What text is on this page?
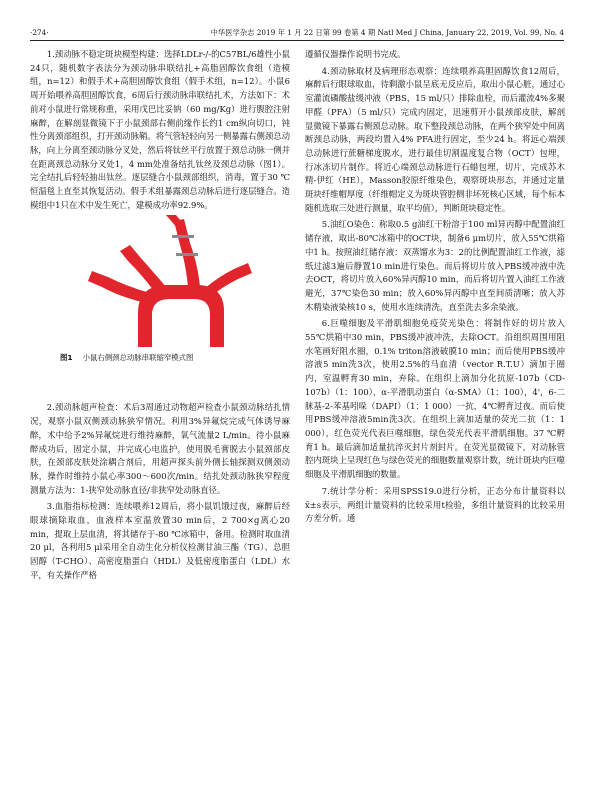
·274·	中华医学杂志 2019 年 1 月 22 日第 99 卷第 4 期 Natl Med J China, January 22, 2019, Vol. 99, No. 4

1.颈动脉不稳定斑块模型构建：选择LDLr-/-的C57BL/6雄性小鼠24只，随机数字表法分为颈动脉串联结扎+高脂固醇饮食组（造模组，n=12）和假手术+高胆固醇饮食组（假手术组，n=12）。小鼠6周开始喂养高胆固醇饮食，6周后行颈动脉串联结扎术，方法如下：术前对小鼠进行常规称重，采用戊巴比妥钠（60 mg/Kg）进行腹腔注射麻醉，在解剖显微镜下于小鼠颈部右侧前缘作长约1 cm纵向切口，钝性分离颈部组织，打开颈动脉鞘。将气管轻轻向另一侧暴露右侧颈总动脉，向上分离至颈动脉分叉处，然后将钛丝平行放置于颈总动脉一侧并在距离颈总动脉分叉处1，4 mm处准备结扎钛丝及颈总动脉（图1）。完全结扎后轻轻抽出钛丝。逐层缝合小鼠颈部组织，消毒，置于30 ℃恒温毯上直至其恢复活动。假手术组暴露颈总动脉后进行逐层缝合。造模组中1只在术中发生死亡，建模成功率92.9%。

图1 小鼠右侧颈总动脉串联缩窄模式图

2.颈动脉超声检查：术后3周通过动物超声检查小鼠颈动脉结扎情况，观察小鼠双侧颈动脉狭窄情况。利用3%异氟烷完成气体诱导麻醉，术中给予2%异氟烷进行维持麻醉，氧气流量2 L/min。待小鼠麻醉成功后，固定小鼠，并完成心电监护，使用脱毛膏脱去小鼠颈部皮肤，在颈部皮肤处涂耦合剂后，用超声探头前外侧长轴探测双侧颈动脉，操作时维持小鼠心率300～600次/min。结扎处颈动脉狭窄程度测量方法为：1-狭窄处动脉直径/非狭窄处动脉直径。

3.血脂指标检测：连续喂养12周后，将小鼠饥饿过夜，麻醉后经眼球摘除取血，血液样本室温放置30 min后，2 700×g离心20 min，提取上层血清，将其储存于-80 ℃冰箱中，备用。检测时取血清20 μl，各利用5 μl采用全自动生化分析仪检测甘油三酯（TG）、总胆固醇（T-CHO）、高密度脂蛋白（HDL）及低密度脂蛋白（LDL）水平，有关操作严格

遵循仪器操作说明书完成。

4.颈动脉取材及病理形态观察：连续喂养高胆固醇饮食12周后，麻醉后行眼球取血，待剩激小鼠呈底无反应后，取出小鼠心脏，通过心室灌流磷酸盐缓冲液（PBS，15 ml/只）排除血栓，而后灌流4%多聚甲醛（PFA）（5 ml/只）完成内固定，迅速剪开小鼠颈部皮肤，解剖显微镜下暴露右侧颈总动脉。取下整段颈总动脉，在两个狭窄处中间离断颈总动脉，两段均置入4% PFA进行固定，至少24 h。将远心端颈总动脉进行蔗糖梯度脱水，进行最佳切割温度复合物（OCT）包埋，行冰冻切片制作。将近心端颈总动脉进行石蜡包埋，切片，完成苏木精-伊红（HE），Masson胶原纤维染色，观察斑块形态，并通过定量斑块纤维帽厚度（纤维帽定义为斑块管腔侧非坏死核心区域，每个标本随机选取三处进行测量，取平均值），判断斑块稳定性。

5.油红O染色：称取0.5 g油红干粉溶于100 ml异丙醇中配置油红储存液，取出-80℃冰箱中的OCT块，制备6 μm切片，放入55℃烘箱中1 h。按照油红储存液：双蒸馏水为3：2的比例配置油红工作液，滤纸过滤3遍后静置10 min进行染色。而后将切片放入PBS缓冲液中洗去OCT，将切片放入60%异丙醇10 min，而后将切片置入油红工作液避光，37℃染色30 min；放入60%异丙醇中直至间质清晰；放入苏木精染液染核10 s，使用水连续清洗，直至洗去多余染液。

6.巨噬细胞及平滑肌细胞免疫荧光染色：将制作好的切片放入55℃烘箱中30 min，PBS缓冲液冲洗，去除OCT。沿组织周围用阻水笔画好阻水圈，0.1% triton溶液破膜10 min；而后使用PBS缓冲溶液5 min洗3次，使用2.5%的马血清（vector R.T.U）滴加于圈内，室温孵育30 min，弃除。在组织上滴加分化抗原-107b（CD-107b）（1：100），α-平滑肌动蛋白（α-SMA）（1：100），4'，6-二脒基-2-苯基吲哚（DAPI）（1：1 000）一抗，4℃孵育过夜。而后使用PBS缓冲溶液5min洗3次。在组织上滴加适量的荧光二抗（1：1 000），红色荧光代表巨噬细胞，绿色荧光代表平滑肌细胞。37 ℃孵育1 h。最后滴加适量抗淬灭封片剂封片。在荧光显微镜下，对动脉管腔内斑块上呈现红色与绿色荧光的细胞数量观察计数，统计斑块内巨噬细胞及平滑肌细胞的数量。

7.统计学分析：采用SPSS19.0进行分析，正态分布计量资料以x̄±s表示，两组计量资料的比较采用t检验，多组计量资料的比较采用方差分析。通
